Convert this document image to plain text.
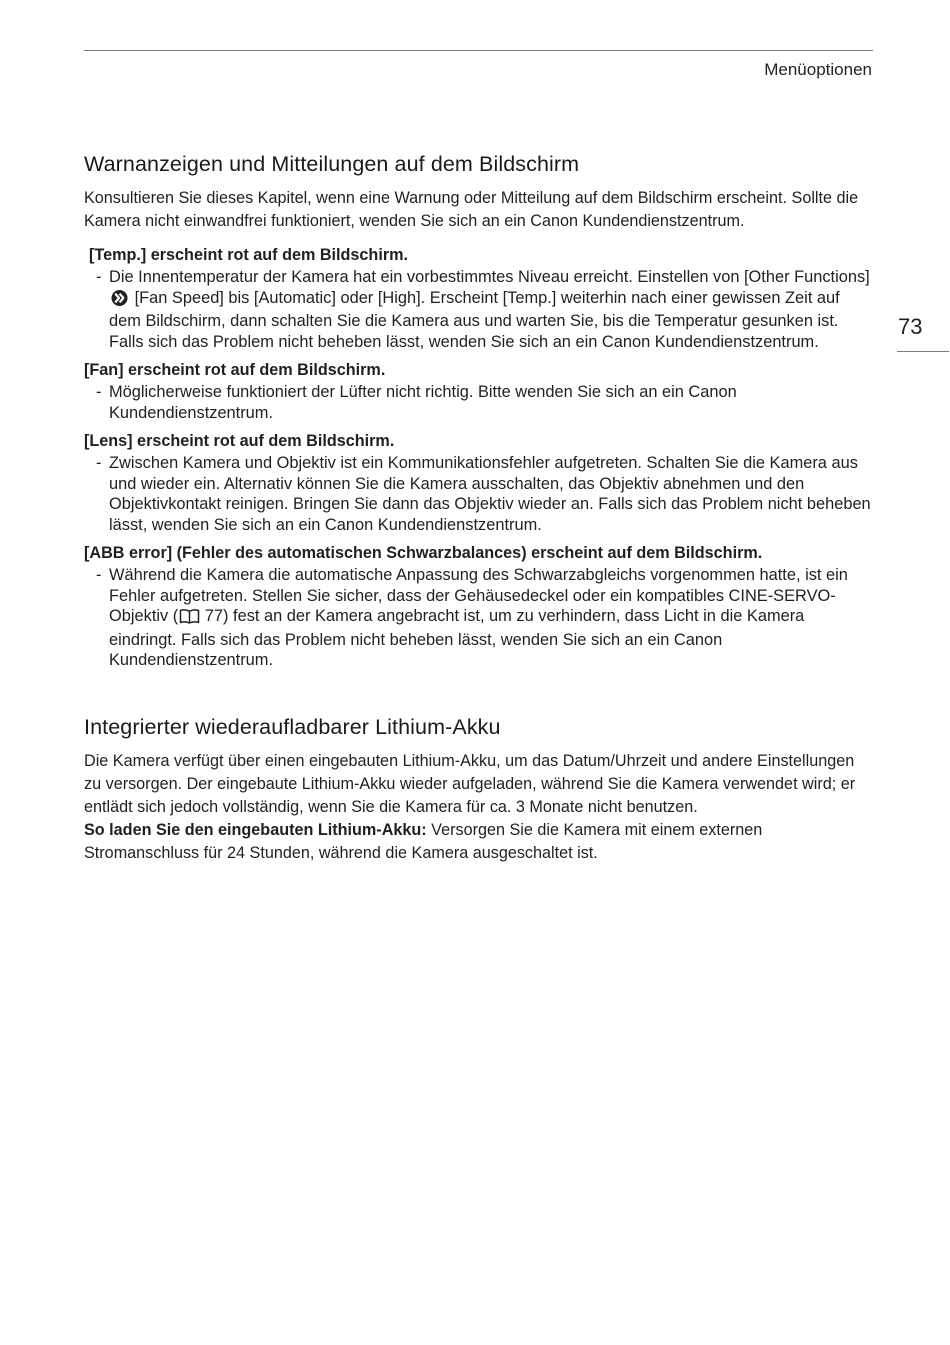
Menüoptionen
73
Warnanzeigen und Mitteilungen auf dem Bildschirm

Konsultieren Sie dieses Kapitel, wenn eine Warnung oder Mitteilung auf dem Bildschirm erscheint. Sollte die Kamera nicht einwandfrei funktioniert, wenden Sie sich an ein Canon Kundendienstzentrum.

[Temp.] erscheint rot auf dem Bildschirm.
- Die Innentemperatur der Kamera hat ein vorbestimmtes Niveau erreicht. Einstellen von [Other Functions]  [Fan Speed] bis [Automatic] oder [High]. Erscheint [Temp.] weiterhin nach einer gewissen Zeit auf dem Bildschirm, dann schalten Sie die Kamera aus und warten Sie, bis die Temperatur gesunken ist. Falls sich das Problem nicht beheben lässt, wenden Sie sich an ein Canon Kundendienstzentrum.
[Fan] erscheint rot auf dem Bildschirm.
- Möglicherweise funktioniert der Lüfter nicht richtig. Bitte wenden Sie sich an ein Canon Kundendienstzentrum.
[Lens] erscheint rot auf dem Bildschirm.
- Zwischen Kamera und Objektiv ist ein Kommunikationsfehler aufgetreten. Schalten Sie die Kamera aus und wieder ein. Alternativ können Sie die Kamera ausschalten, das Objektiv abnehmen und den Objektivkontakt reinigen. Bringen Sie dann das Objektiv wieder an. Falls sich das Problem nicht beheben lässt, wenden Sie sich an ein Canon Kundendienstzentrum.
[ABB error] (Fehler des automatischen Schwarzbalances) erscheint auf dem Bildschirm.
- Während die Kamera die automatische Anpassung des Schwarzabgleichs vorgenommen hatte, ist ein Fehler aufgetreten. Stellen Sie sicher, dass der Gehäusedeckel oder ein kompatibles CINE-SERVO-Objektiv ( 77) fest an der Kamera angebracht ist, um zu verhindern, dass Licht in die Kamera eindringt. Falls sich das Problem nicht beheben lässt, wenden Sie sich an ein Canon Kundendienstzentrum.
Integrierter wiederaufladbarer Lithium-Akku

Die Kamera verfügt über einen eingebauten Lithium-Akku, um das Datum/Uhrzeit und andere Einstellungen zu versorgen. Der eingebaute Lithium-Akku wieder aufgeladen, während Sie die Kamera verwendet wird; er entlädt sich jedoch vollständig, wenn Sie die Kamera für ca. 3 Monate nicht benutzen.

So laden Sie den eingebauten Lithium-Akku: Versorgen Sie die Kamera mit einem externen Stromanschluss für 24 Stunden, während die Kamera ausgeschaltet ist.
